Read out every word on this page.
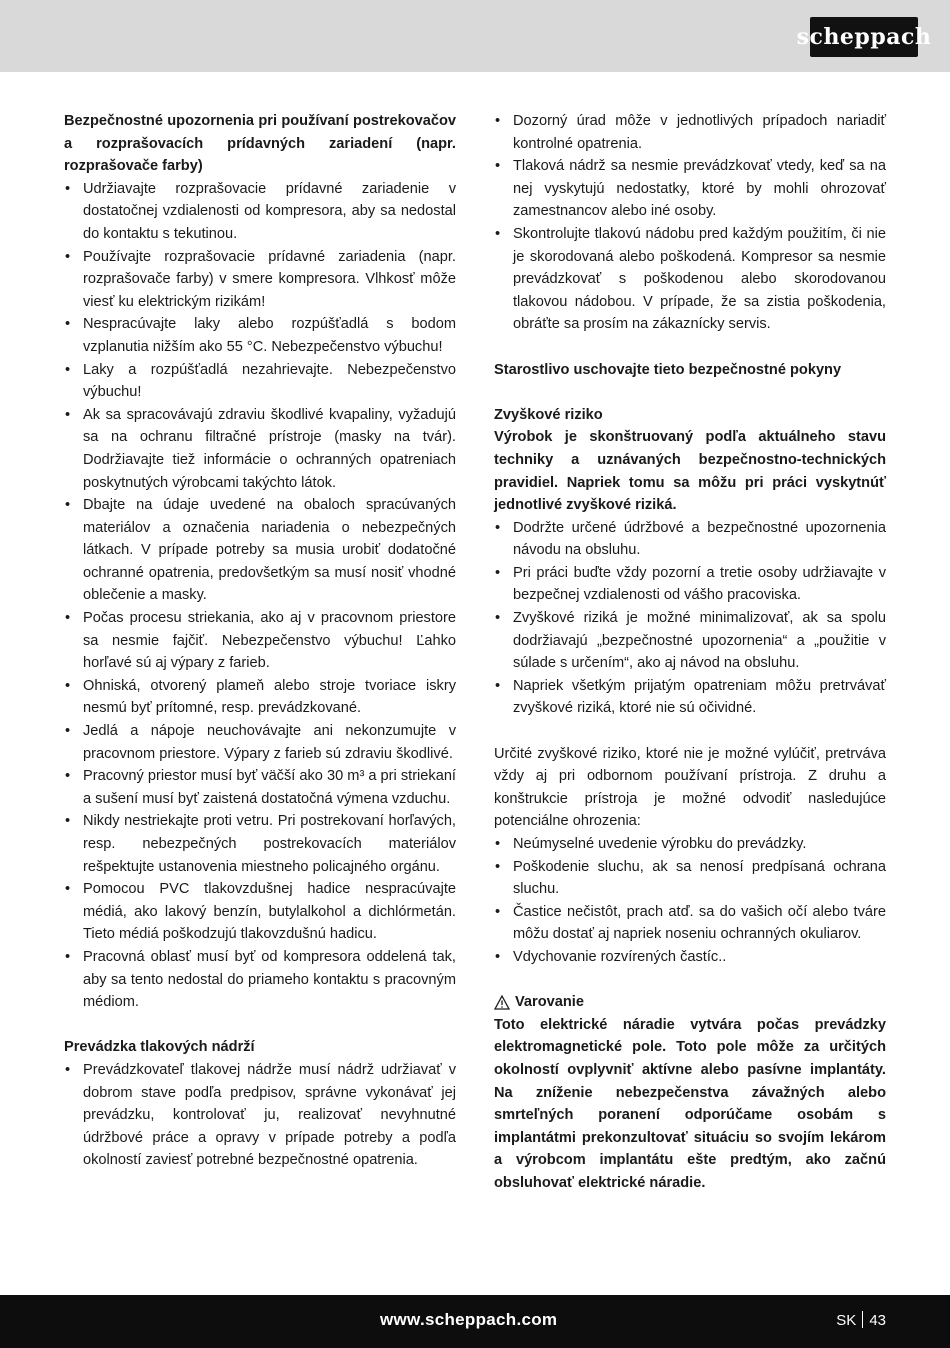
scheppach

Bezpečnostné upozornenia pri používaní postrekovačov a rozprašovacích prídavných zariadení (napr. rozprašovače farby)

• Udržiavajte rozprašovacie prídavné zariadenie v dostatočnej vzdialenosti od kompresora, aby sa nedostal do kontaktu s tekutinou.
• Používajte rozprašovacie prídavné zariadenia (napr. rozprašovače farby) v smere kompresora. Vlhkosť môže viesť ku elektrickým rizikám!
• Nespracúvajte laky alebo rozpúšťadlá s bodom vzplanutia nižším ako 55 °C. Nebezpečenstvo výbuchu!
• Laky a rozpúšťadlá nezahrievajte. Nebezpečenstvo výbuchu!
• Ak sa spracovávajú zdraviu škodlivé kvapaliny, vyžadujú sa na ochranu filtračné prístroje (masky na tvár). Dodržiavajte tiež informácie o ochranných opatreniach poskytnutých výrobcami takýchto látok.
• Dbajte na údaje uvedené na obaloch spracúvaných materiálov a označenia nariadenia o nebezpečných látkach. V prípade potreby sa musia urobiť dodatočné ochranné opatrenia, predovšetkým sa musí nosiť vhodné oblečenie a masky.
• Počas procesu striekania, ako aj v pracovnom priestore sa nesmie fajčiť. Nebezpečenstvo výbuchu! Ľahko horľavé sú aj výpary z farieb.
• Ohniská, otvorený plameň alebo stroje tvoriace iskry nesmú byť prítomné, resp. prevádzkované.
• Jedlá a nápoje neuchovávajte ani nekonzumujte v pracovnom priestore. Výpary z farieb sú zdraviu škodlivé.
• Pracovný priestor musí byť väčší ako 30 m³ a pri striekaní a sušení musí byť zaistená dostatočná výmena vzduchu.
• Nikdy nestriekajte proti vetru. Pri postrekovaní horľavých, resp. nebezpečných postrekovacích materiálov rešpektujte ustanovenia miestneho policajného orgánu.
• Pomocou PVC tlakovzdušnej hadice nespracúvajte médiá, ako lakový benzín, butylalkohol a dichlórmetán. Tieto médiá poškodzujú tlakovzdušnú hadicu.
• Pracovná oblasť musí byť od kompresora oddelená tak, aby sa tento nedostal do priameho kontaktu s pracovným médiom.

Prevádzka tlakových nádrží

• Prevádzkovateľ tlakovej nádrže musí nádrž udržiavať v dobrom stave podľa predpisov, správne vykonávať jej prevádzku, kontrolovať ju, realizovať nevyhnutné údržbové práce a opravy v prípade potreby a podľa okolností zaviesť potrebné bezpečnostné opatrenia.
• Dozorný úrad môže v jednotlivých prípadoch nariadiť kontrolné opatrenia.
• Tlaková nádrž sa nesmie prevádzkovať vtedy, keď sa na nej vyskytujú nedostatky, ktoré by mohli ohrozovať zamestnancov alebo iné osoby.
• Skontrolujte tlakovú nádobu pred každým použitím, či nie je skorodovaná alebo poškodená. Kompresor sa nesmie prevádzkovať s poškodenou alebo skorodovanou tlakovou nádobou. V prípade, že sa zistia poškodenia, obráťte sa prosím na zákaznícky servis.

Starostlivo uschovajte tieto bezpečnostné pokyny

Zvyškové riziko

Výrobok je skonštruovaný podľa aktuálneho stavu techniky a uznávaných bezpečnostno-technických pravidiel. Napriek tomu sa môžu pri práci vyskytnúť jednotlivé zvyškové riziká.

• Dodržte určené údržbové a bezpečnostné upozornenia návodu na obsluhu.
• Pri práci buďte vždy pozorní a tretie osoby udržiavajte v bezpečnej vzdialenosti od vášho pracoviska.
• Zvyškové riziká je možné minimalizovať, ak sa spolu dodržiavajú „bezpečnostné upozornenia“ a „použitie v súlade s určením“, ako aj návod na obsluhu.
• Napriek všetkým prijatým opatreniam môžu pretrvávať zvyškové riziká, ktoré nie sú očividné.

Určité zvyškové riziko, ktoré nie je možné vylúčiť, pretrváva vždy aj pri odbornom používaní prístroja. Z druhu a konštrukcie prístroja je možné odvodiť nasledujúce potenciálne ohrozenia:

• Neúmyselné uvedenie výrobku do prevádzky.
• Poškodenie sluchu, ak sa nenosí predpísaná ochrana sluchu.
• Častice nečistôt, prach atď. sa do vašich očí alebo tváre môžu dostať aj napriek noseniu ochranných okuliarov.
• Vdychovanie rozvírených častíc..
Varovanie

Toto elektrické náradie vytvára počas prevádzky elektromagnetické pole. Toto pole môže za určitých okolností ovplyvniť aktívne alebo pasívne implantáty. Na zníženie nebezpečenstva závažných alebo smrteľných poranení odporúčame osobám s implantátmi prekonzultovať situáciu so svojím lekárom a výrobcom implantátu ešte predtým, ako začnú obsluhovať elektrické náradie.

www.scheppach.com	SK 43
